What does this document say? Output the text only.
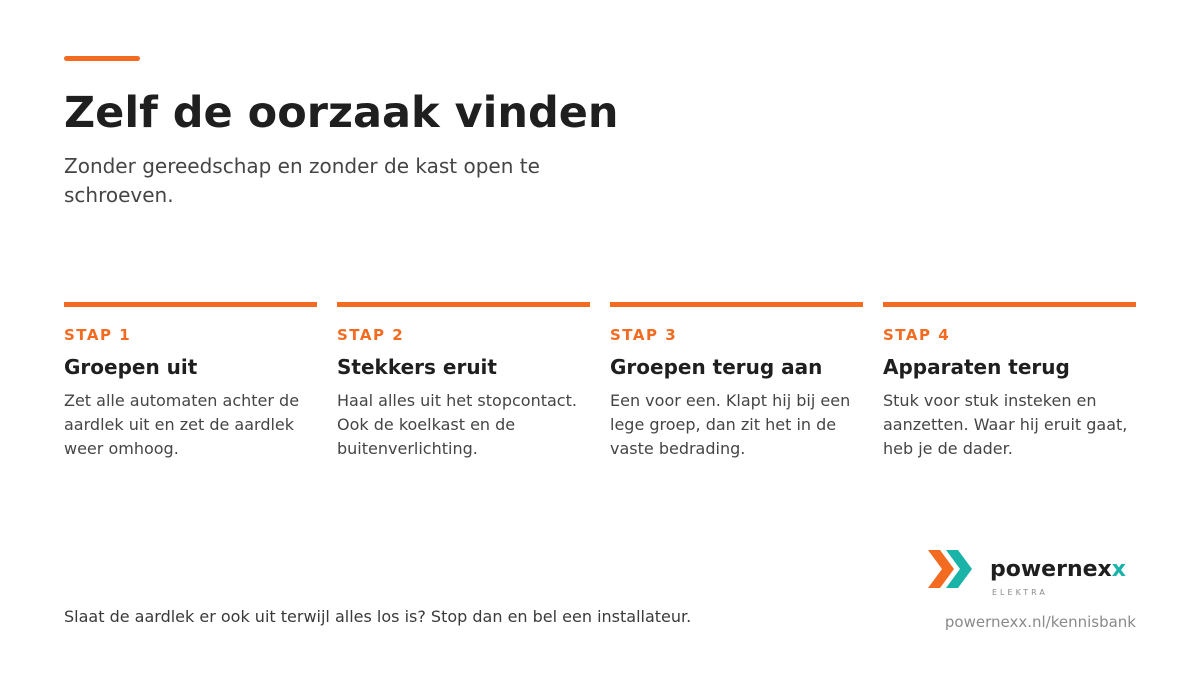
Zelf de oorzaak vinden

Zonder gereedschap en zonder de kast open te schroeven.

STAP 1

Groepen uit

Zet alle automaten achter de aardlek uit en zet de aardlek weer omhoog.

STAP 2

Stekkers eruit

Haal alles uit het stopcontact. Ook de koelkast en de buitenverlichting.

STAP 3

Groepen terug aan

Een voor een. Klapt hij bij een lege groep, dan zit het in de vaste bedrading.

STAP 4

Apparaten terug

Stuk voor stuk insteken en aanzetten. Waar hij eruit gaat, heb je de dader.

Slaat de aardlek er ook uit terwijl alles los is? Stop dan en bel een installateur.

powernexx
ELEKTRA

powernexx.nl/kennisbank
